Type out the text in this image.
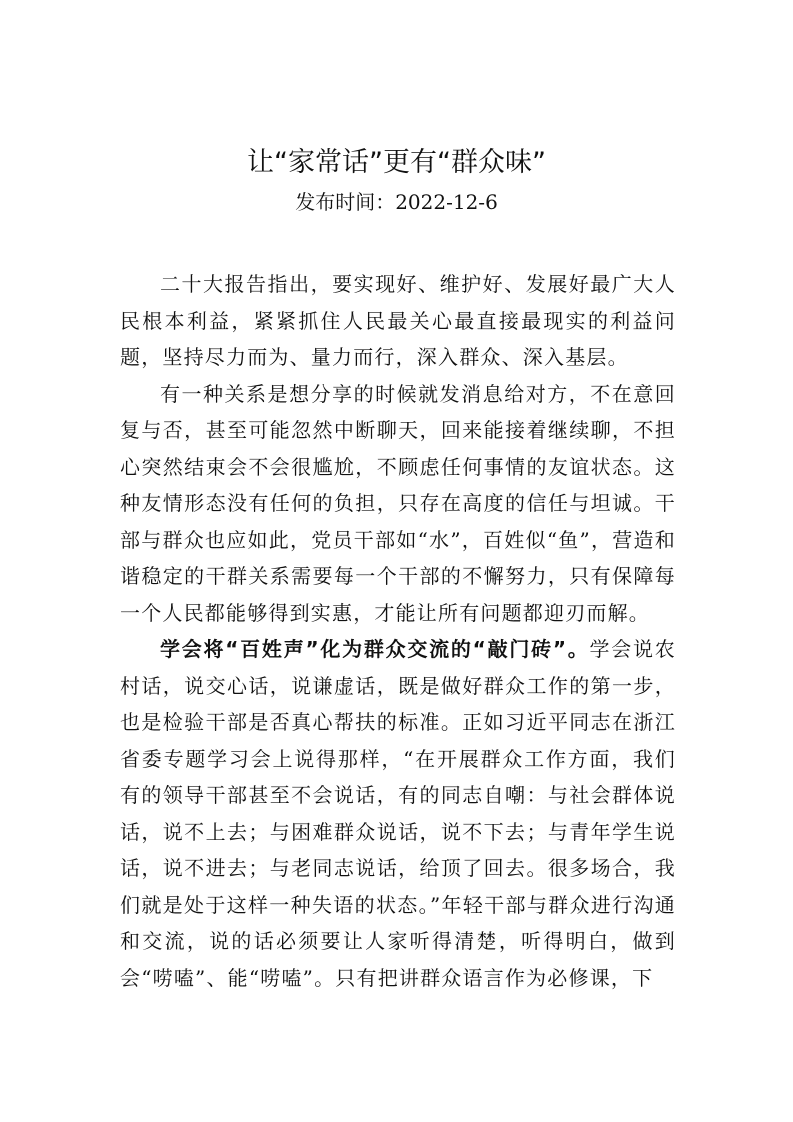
让“家常话”更有“群众味”
发布时间：2022-12-6

二十大报告指出，要实现好、维护好、发展好最广大人民根本利益，紧紧抓住人民最关心最直接最现实的利益问题，坚持尽力而为、量力而行，深入群众、深入基层。

有一种关系是想分享的时候就发消息给对方，不在意回复与否，甚至可能忽然中断聊天，回来能接着继续聊，不担心突然结束会不会很尴尬，不顾虑任何事情的友谊状态。这种友情形态没有任何的负担，只存在高度的信任与坦诚。干部与群众也应如此，党员干部如“水”，百姓似“鱼”，营造和谐稳定的干群关系需要每一个干部的不懈努力，只有保障每一个人民都能够得到实惠，才能让所有问题都迎刃而解。

学会将“百姓声”化为群众交流的“敲门砖”。学会说农村话，说交心话，说谦虚话，既是做好群众工作的第一步，也是检验干部是否真心帮扶的标准。正如习近平同志在浙江省委专题学习会上说得那样，“在开展群众工作方面，我们有的领导干部甚至不会说话，有的同志自嘲：与社会群体说话，说不上去；与困难群众说话，说不下去；与青年学生说话，说不进去；与老同志说话，给顶了回去。很多场合，我们就是处于这样一种失语的状态。”年轻干部与群众进行沟通和交流，说的话必须要让人家听得清楚，听得明白，做到会“唠嗑”、能“唠嗑”。只有把讲群众语言作为必修课，下
